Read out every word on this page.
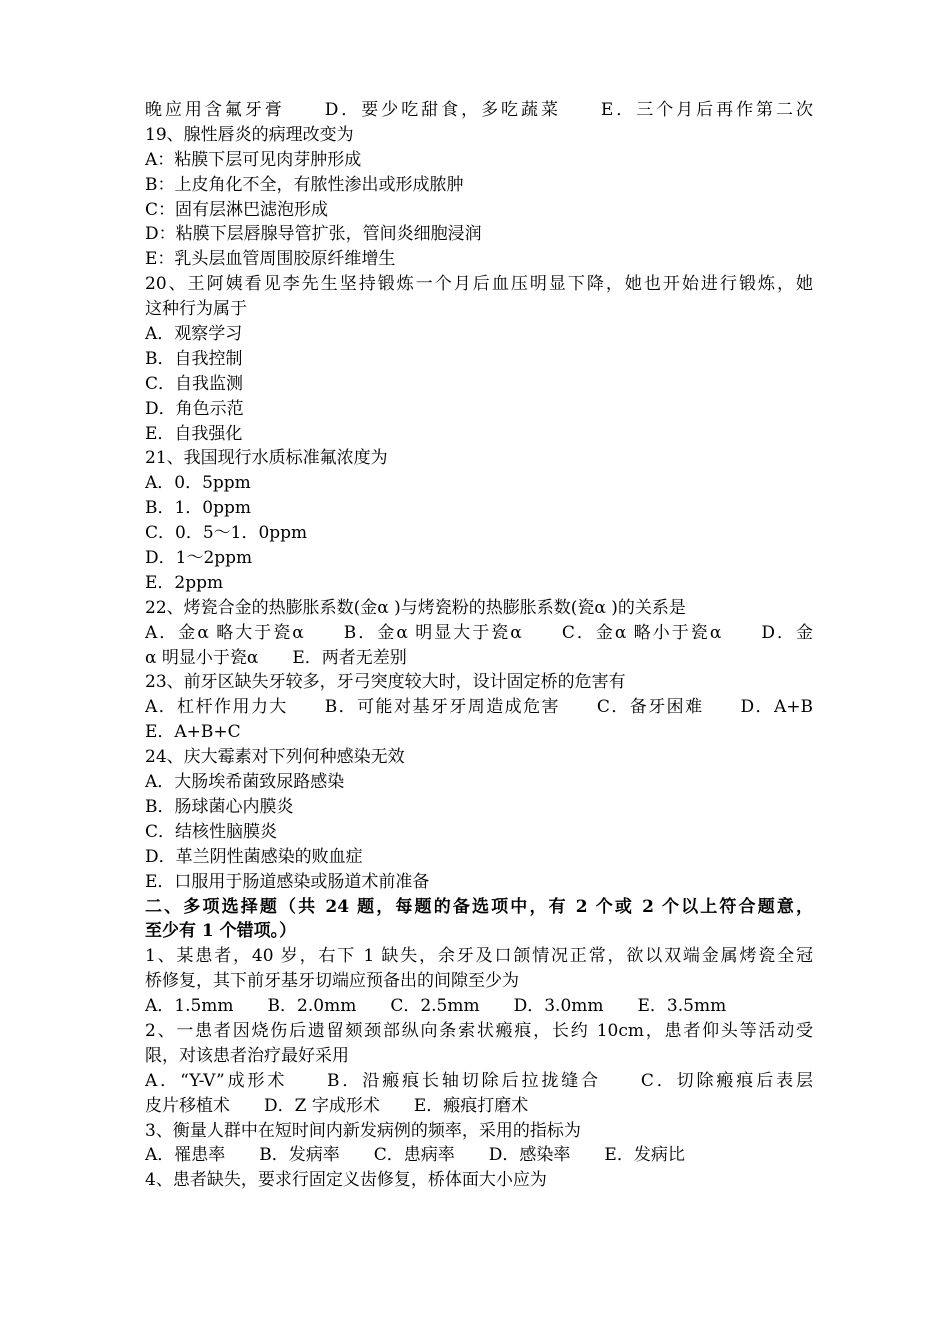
晚应用含氟牙膏　　D．要少吃甜食，多吃蔬菜　　E．三个月后再作第二次
19、腺性唇炎的病理改变为
A：粘膜下层可见肉芽肿形成
B：上皮角化不全，有脓性渗出或形成脓肿
C：固有层淋巴滤泡形成
D：粘膜下层唇腺导管扩张，管间炎细胞浸润
E：乳头层血管周围胶原纤维增生
20、王阿姨看见李先生坚持锻炼一个月后血压明显下降，她也开始进行锻炼，她
这种行为属于
A．观察学习
B．自我控制
C．自我监测
D．角色示范
E．自我强化
21、我国现行水质标准氟浓度为
A．0．5ppm
B．1．0ppm
C．0．5～1．0ppm
D．1～2ppm
E．2ppm
22、烤瓷合金的热膨胀系数(金α )与烤瓷粉的热膨胀系数(瓷α )的关系是
A．金α 略大于瓷α　　B．金α 明显大于瓷α　　C．金α 略小于瓷α　　D．金
α 明显小于瓷α　　E．两者无差别
23、前牙区缺失牙较多，牙弓突度较大时，设计固定桥的危害有
A．杠杆作用力大　　B．可能对基牙牙周造成危害　　C．备牙困难　　D．A+B
E．A+B+C
24、庆大霉素对下列何种感染无效
A．大肠埃希菌致尿路感染
B．肠球菌心内膜炎
C．结核性脑膜炎
D．革兰阴性菌感染的败血症
E．口服用于肠道感染或肠道术前准备
二、多项选择题（共 24 题，每题的备选项中，有 2 个或 2 个以上符合题意，
至少有 1 个错项。）
1、某患者，40 岁，右下 1 缺失，余牙及口颌情况正常，欲以双端金属烤瓷全冠
桥修复，其下前牙基牙切端应预备出的间隙至少为
A．1.5mm　　B．2.0mm　　C．2.5mm　　D．3.0mm　　E．3.5mm
2、一患者因烧伤后遗留颏颈部纵向条索状瘢痕，长约 10cm，患者仰头等活动受
限，对该患者治疗最好采用
A．“Y-V”成形术　　B．沿瘢痕长轴切除后拉拢缝合　　C．切除瘢痕后表层
皮片移植术　　D．Z 字成形术　　E．瘢痕打磨术
3、衡量人群中在短时间内新发病例的频率，采用的指标为
A．罹患率　　B．发病率　　C．患病率　　D．感染率　　E．发病比
4、患者缺失，要求行固定义齿修复，桥体面大小应为
